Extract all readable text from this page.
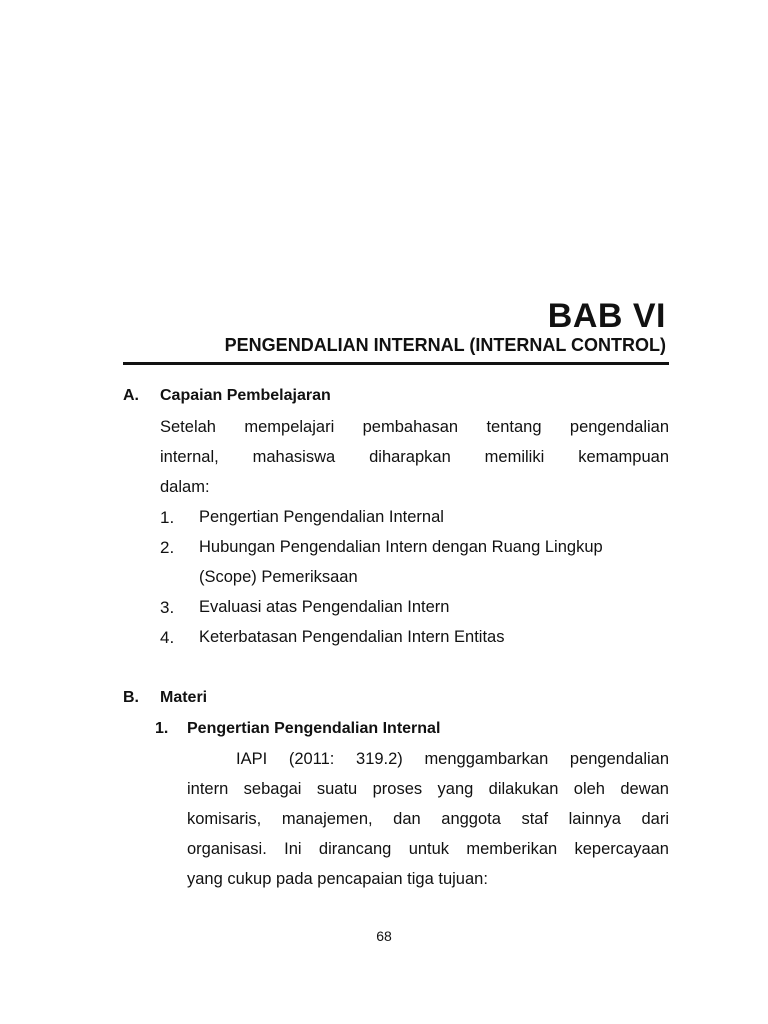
BAB VI
PENGENDALIAN INTERNAL (INTERNAL CONTROL)
A. Capaian Pembelajaran
Setelah mempelajari pembahasan tentang pengendalian
internal, mahasiswa diharapkan memiliki kemampuan
dalam:
1. Pengertian Pengendalian Internal
2. Hubungan Pengendalian Intern dengan Ruang Lingkup
(Scope) Pemeriksaan
3. Evaluasi atas Pengendalian Intern
4. Keterbatasan Pengendalian Intern Entitas
B. Materi
1. Pengertian Pengendalian Internal
IAPI (2011: 319.2) menggambarkan pengendalian
intern sebagai suatu proses yang dilakukan oleh dewan
komisaris, manajemen, dan anggota staf lainnya dari
organisasi. Ini dirancang untuk memberikan kepercayaan
yang cukup pada pencapaian tiga tujuan:
68
